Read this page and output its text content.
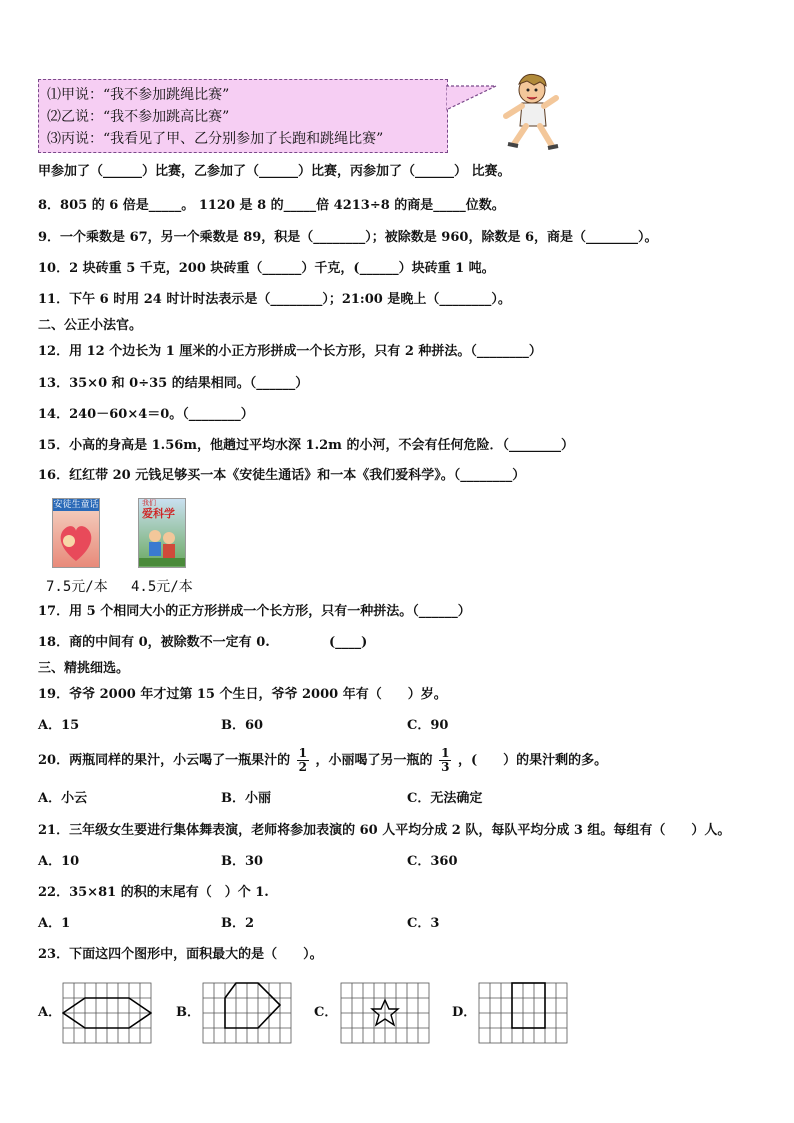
⑴甲说：“我不参加跳绳比赛”
⑵乙说：“我不参加跳高比赛”
⑶丙说：“我看见了甲、乙分别参加了长跑和跳绳比赛”
甲参加了（______）比赛，乙参加了（______）比赛，丙参加了（______） 比赛。
8．805 的 6 倍是_____。 1120 是 8 的_____倍 4213÷8 的商是_____位数。
9．一个乘数是 67，另一个乘数是 89，积是（________）；被除数是 960，除数是 6，商是（________）。
10．2 块砖重 5 千克，200 块砖重（______）千克，(______）块砖重 1 吨。
11．下午 6 时用 24 时计时法表示是（________）；21:00 是晚上（________）。
二、公正小法官。
12．用 12 个边长为 1 厘米的小正方形拼成一个长方形，只有 2 种拼法。（________）
13．35×0 和 0÷35 的结果相同。（______）
14．240－60×4＝0。（________）
15．小高的身高是 1.56m，他趟过平均水深 1.2m 的小河，不会有任何危险．（________）
16．红红带 20 元钱足够买一本《安徒生通话》和一本《我们爱科学》。（________）
安徒生童话	我们
爱科学
7.5元/本 4.5元/本
17．用 5 个相同大小的正方形拼成一个长方形，只有一种拼法。（______）
18．商的中间有 0，被除数不一定有 0.	(____)
三、精挑细选。
19．爷爷 2000 年才过第 15 个生日，爷爷 2000 年有（　　）岁。
A．15	B．60	C．90
20．两瓶同样的果汁，小云喝了一瓶果汁的 $\frac{1}{2}$ ，小丽喝了另一瓶的 $\frac{1}{3}$ ，(　　）的果汁剩的多。
A．小云	B．小丽	C．无法确定
21．三年级女生要进行集体舞表演，老师将参加表演的 60 人平均分成 2 队，每队平均分成 3 组。每组有（　　）人。
A．10	B．30	C．360
22．35×81 的积的末尾有（　）个 1.
A．1	B．2	C．3
23．下面这四个图形中，面积最大的是（　　）。
A．	B．	C．	D．
